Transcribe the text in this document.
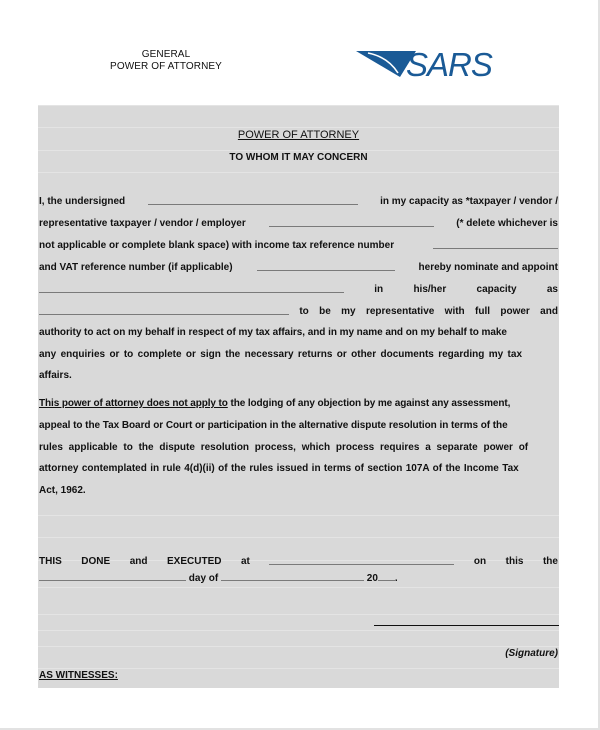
GENERAL
POWER OF ATTORNEY	SARS
POWER OF ATTORNEY
TO WHOM IT MAY CONCERN
I, the undersigned	in my capacity as *taxpayer / vendor /
representative taxpayer / vendor / employer	(* delete whichever is
not applicable or complete blank space) with income tax reference number
and VAT reference number (if applicable)	hereby nominate and appoint
in	his/her	capacity	as
to be my representative with full power and
authority to act on my behalf in respect of my tax affairs, and in my name and on my behalf to make
any enquiries or to complete or sign the necessary returns or other documents regarding my tax
affairs.
This power of attorney does not apply to the lodging of any objection by me against any assessment,
appeal to the Tax Board or Court or participation in the alternative dispute resolution in terms of the
rules applicable to the dispute resolution process, which process requires a separate power of
attorney contemplated in rule 4(d)(ii) of the rules issued in terms of section 107A of the Income Tax
Act, 1962.
THIS DONE and EXECUTED at	on this the
day of	20 .
(Signature)
AS WITNESSES:
